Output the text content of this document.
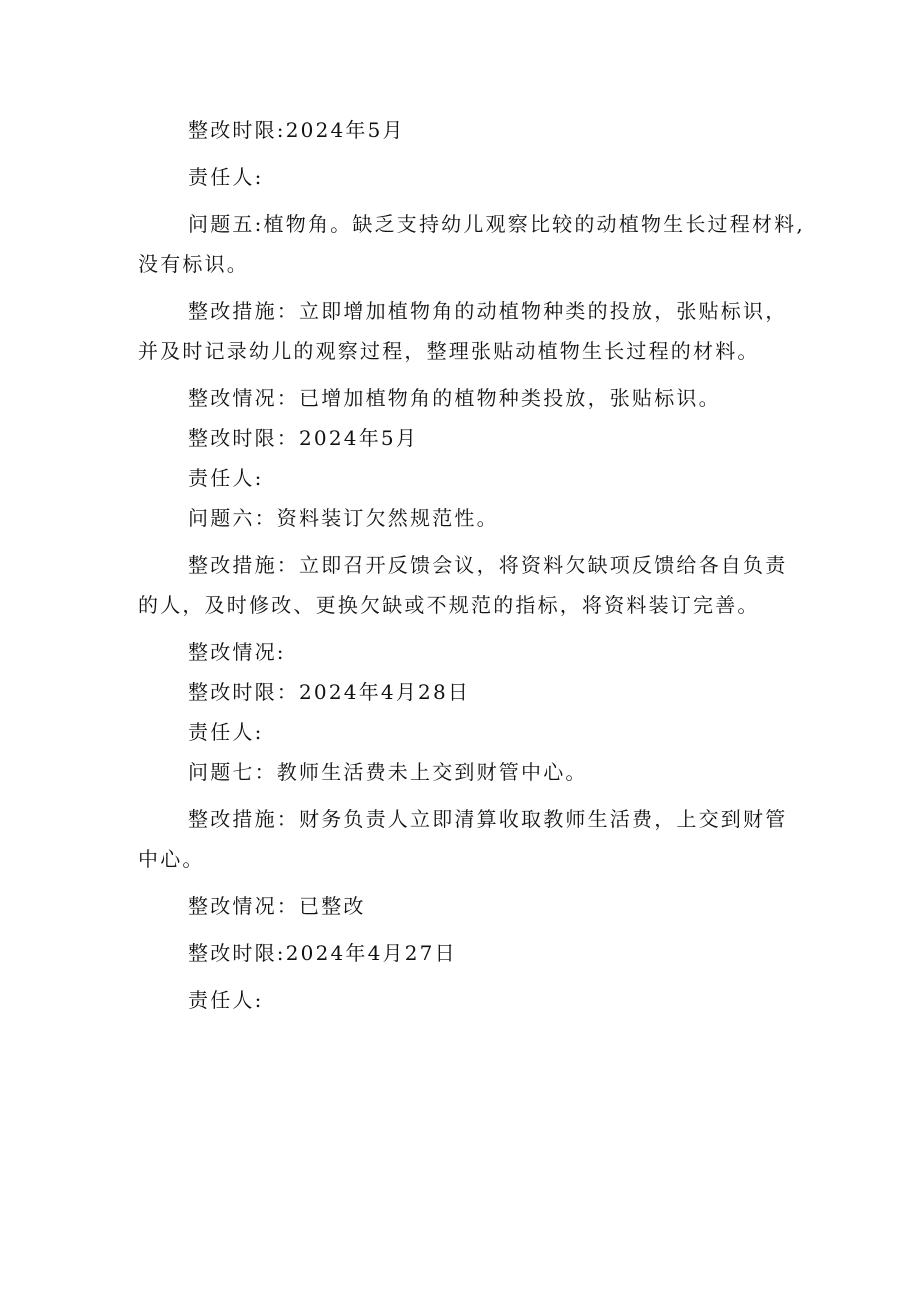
整改时限:2024年5月

责任人:

问题五:植物角。缺乏支持幼儿观察比较的动植物生长过程材料,

没有标识。

整改措施：立即增加植物角的动植物种类的投放，张贴标识，

并及时记录幼儿的观察过程，整理张贴动植物生长过程的材料。

整改情况：已增加植物角的植物种类投放，张贴标识。

整改时限：2024年5月

责任人:

问题六：资料装订欠然规范性。

整改措施：立即召开反馈会议，将资料欠缺项反馈给各自负责

的人，及时修改、更换欠缺或不规范的指标，将资料装订完善。

整改情况:

整改时限：2024年4月28日

责任人:

问题七：教师生活费未上交到财管中心。

整改措施：财务负责人立即清算收取教师生活费，上交到财管

中心。

整改情况：已整改

整改时限:2024年4月27日

责任人:
